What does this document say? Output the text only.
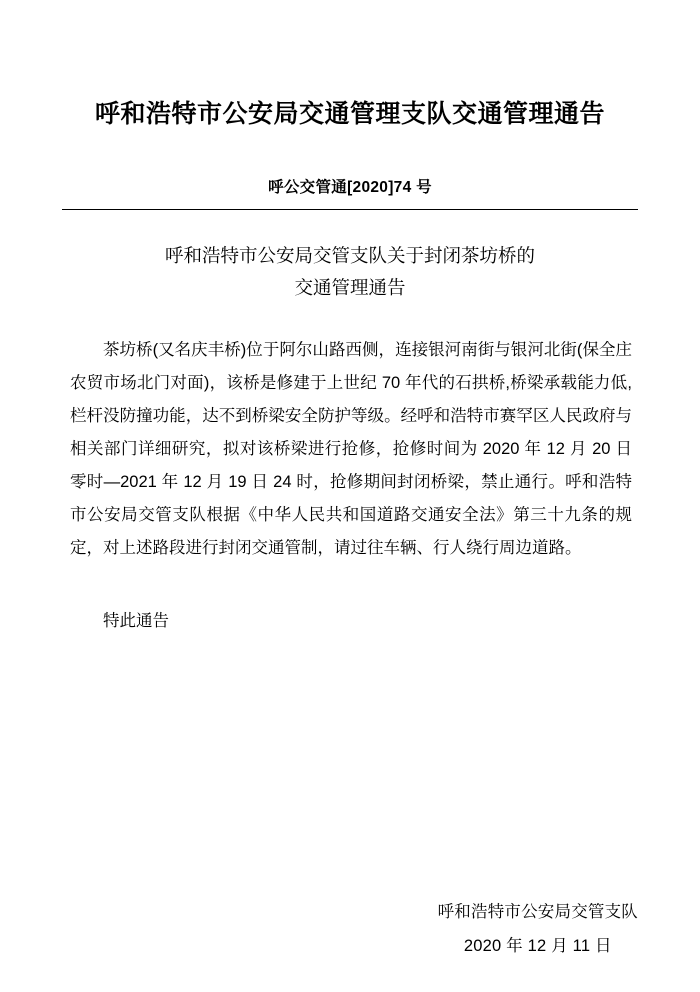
呼和浩特市公安局交通管理支队交通管理通告
呼公交管通[2020]74 号
呼和浩特市公安局交管支队关于封闭茶坊桥的
交通管理通告
茶坊桥(又名庆丰桥)位于阿尔山路西侧，连接银河南街与银河北街(保全庄农贸市场北门对面)，该桥是修建于上世纪 70 年代的石拱桥,桥梁承载能力低,栏杆没防撞功能，达不到桥梁安全防护等级。经呼和浩特市赛罕区人民政府与相关部门详细研究，拟对该桥梁进行抢修，抢修时间为 2020 年 12 月 20 日零时—2021 年 12 月 19 日 24 时，抢修期间封闭桥梁，禁止通行。呼和浩特市公安局交管支队根据《中华人民共和国道路交通安全法》第三十九条的规定，对上述路段进行封闭交通管制，请过往车辆、行人绕行周边道路。
特此通告
呼和浩特市公安局交管支队
2020 年 12 月 11 日
